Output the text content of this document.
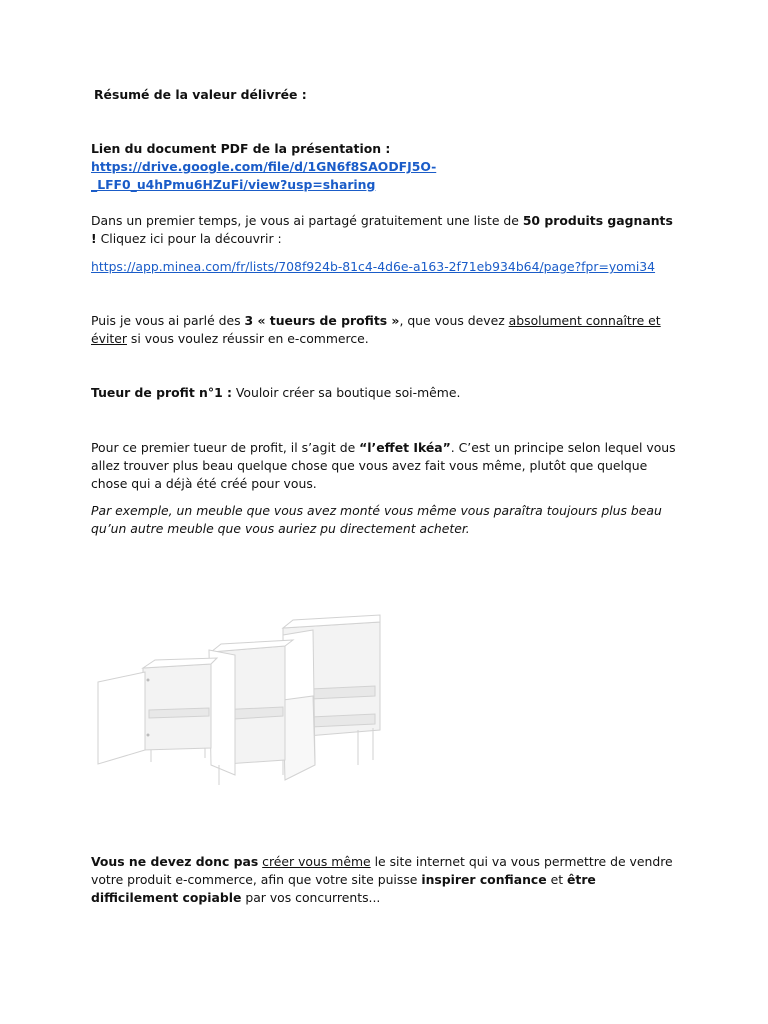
Résumé de la valeur délivrée :

Lien du document PDF de la présentation : https://drive.google.com/file/d/1GN6f8SAODFJ5O-
_LFF0_u4hPmu6HZuFi/view?usp=sharing

Dans un premier temps, je vous ai partagé gratuitement une liste de 50 produits gagnants ! Cliquez ici pour la découvrir :

https://app.minea.com/fr/lists/708f924b-81c4-4d6e-a163-2f71eb934b64/page?fpr=yomi34

Puis je vous ai parlé des 3 « tueurs de profits », que vous devez absolument connaître et éviter si vous voulez réussir en e-commerce.

Tueur de profit n°1 : Vouloir créer sa boutique soi-même.

Pour ce premier tueur de profit, il s’agit de “l’effet Ikéa”. C’est un principe selon lequel vous allez trouver plus beau quelque chose que vous avez fait vous même, plutôt que quelque chose qui a déjà été créé pour vous.

Par exemple, un meuble que vous avez monté vous même vous paraîtra toujours plus beau qu’un autre meuble que vous auriez pu directement acheter.

Vous ne devez donc pas créer vous même le site internet qui va vous permettre de vendre votre produit e-commerce, afin que votre site puisse inspirer confiance et être difficilement copiable par vos concurrents...
